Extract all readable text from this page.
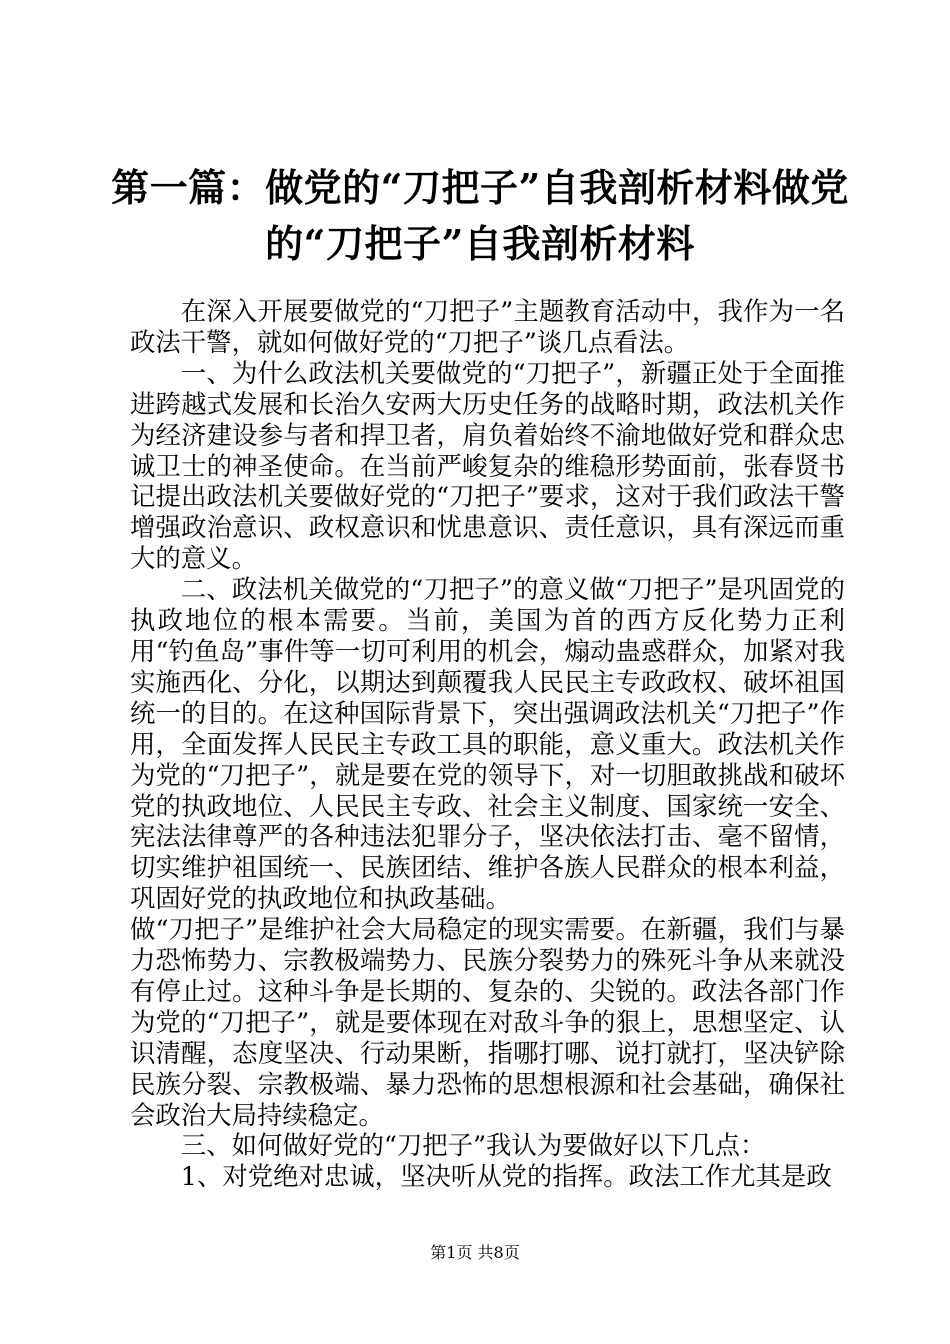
第一篇：做党的“刀把子”自我剖析材料做党的“刀把子”自我剖析材料

在深入开展要做党的“刀把子”主题教育活动中，我作为一名政法干警，就如何做好党的“刀把子”谈几点看法。

一、为什么政法机关要做党的“刀把子”，新疆正处于全面推进跨越式发展和长治久安两大历史任务的战略时期，政法机关作为经济建设参与者和捍卫者，肩负着始终不渝地做好党和群众忠诚卫士的神圣使命。在当前严峻复杂的维稳形势面前，张春贤书记提出政法机关要做好党的“刀把子”要求，这对于我们政法干警增强政治意识、政权意识和忧患意识、责任意识，具有深远而重大的意义。

二、政法机关做党的“刀把子”的意义做“刀把子”是巩固党的执政地位的根本需要。当前，美国为首的西方反化势力正利用“钓鱼岛”事件等一切可利用的机会，煽动蛊惑群众，加紧对我实施西化、分化，以期达到颠覆我人民民主专政政权、破坏祖国统一的目的。在这种国际背景下，突出强调政法机关“刀把子”作用，全面发挥人民民主专政工具的职能，意义重大。政法机关作为党的“刀把子”，就是要在党的领导下，对一切胆敢挑战和破坏党的执政地位、人民民主专政、社会主义制度、国家统一安全、宪法法律尊严的各种违法犯罪分子，坚决依法打击、毫不留情，切实维护祖国统一、民族团结、维护各族人民群众的根本利益，巩固好党的执政地位和执政基础。

做“刀把子”是维护社会大局稳定的现实需要。在新疆，我们与暴力恐怖势力、宗教极端势力、民族分裂势力的殊死斗争从来就没有停止过。这种斗争是长期的、复杂的、尖锐的。政法各部门作为党的“刀把子”，就是要体现在对敌斗争的狠上，思想坚定、认识清醒，态度坚决、行动果断，指哪打哪、说打就打，坚决铲除民族分裂、宗教极端、暴力恐怖的思想根源和社会基础，确保社会政治大局持续稳定。

三、如何做好党的“刀把子”我认为要做好以下几点：

1、对党绝对忠诚，坚决听从党的指挥。政法工作尤其是政

第1页 共8页
